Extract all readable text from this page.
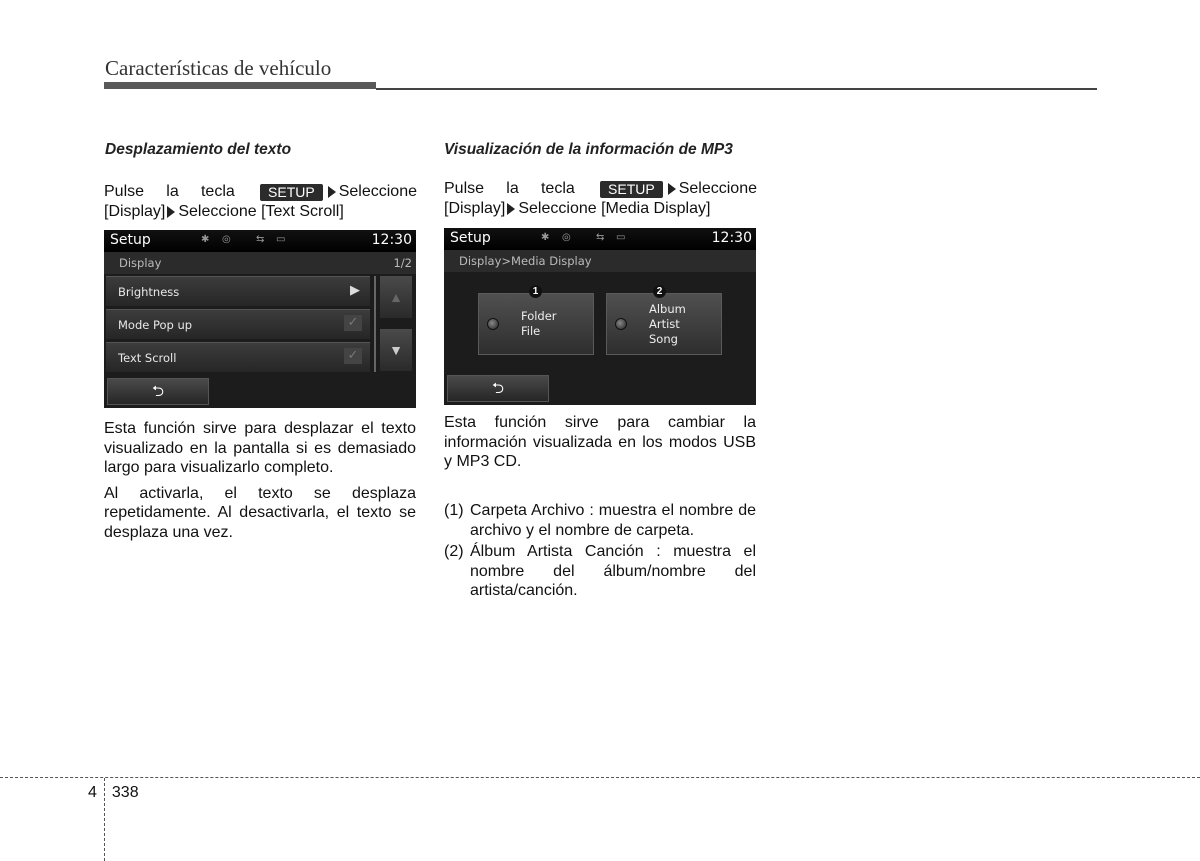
Características de vehículo
Desplazamiento del texto
Pulse la tecla	SETUP	Seleccione
[Display] Seleccione [Text Scroll]
Setup	✱ ◎	⇆ ▭	12:30
Display	1/2
Brightness	▶
Mode Pop up	✓
Text Scroll	✓
▲
▼
⮌

Esta función sirve para desplazar el texto visualizado en la pantalla si es demasiado largo para visualizarlo completo.

Al activarla, el texto se desplaza repetidamente. Al desactivarla, el texto se desplaza una vez.

Visualización de la información de MP3
Pulse la tecla	SETUP	Seleccione
[Display] Seleccione [Media Display]
Setup	✱ ◎	⇆ ▭	12:30
Display>Media Display
Folder
File
Album
Artist
Song
1	2
⮌

Esta función sirve para cambiar la información visualizada en los modos USB y MP3 CD.

(1) Carpeta Archivo : muestra el nombre de archivo y el nombre de carpeta.
(2) Álbum Artista Canción : muestra el nombre del álbum/nombre del artista/canción.
4 338
